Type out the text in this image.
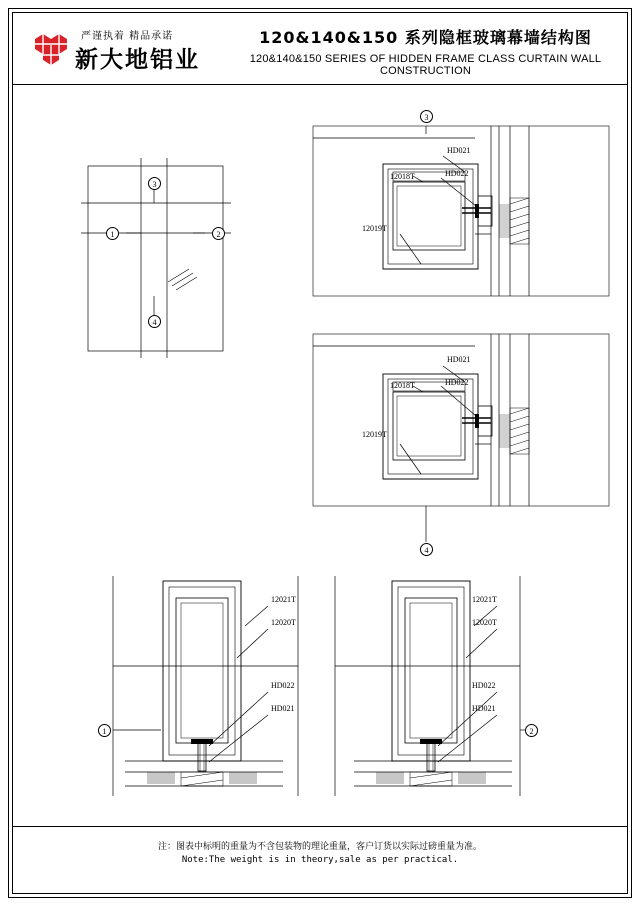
严谨执着 精品承诺
新大地铝业
120&140&150 系列隐框玻璃幕墙结构图
120&140&150 SERIES OF HIDDEN FRAME CLASS CURTAIN WALL CONSTRUCTION
3
1	2
4
3
HD021
HD022
12018T
12019T
4
HD021
HD022
12018T
12019T
1
12021T
12020T
HD022
HD021
2
12021T
12020T
HD022
HD021
注：图表中标明的重量为不含包装物的理论重量，客户订货以实际过磅重量为准。
Note:The weight is in theory,sale as per practical.
